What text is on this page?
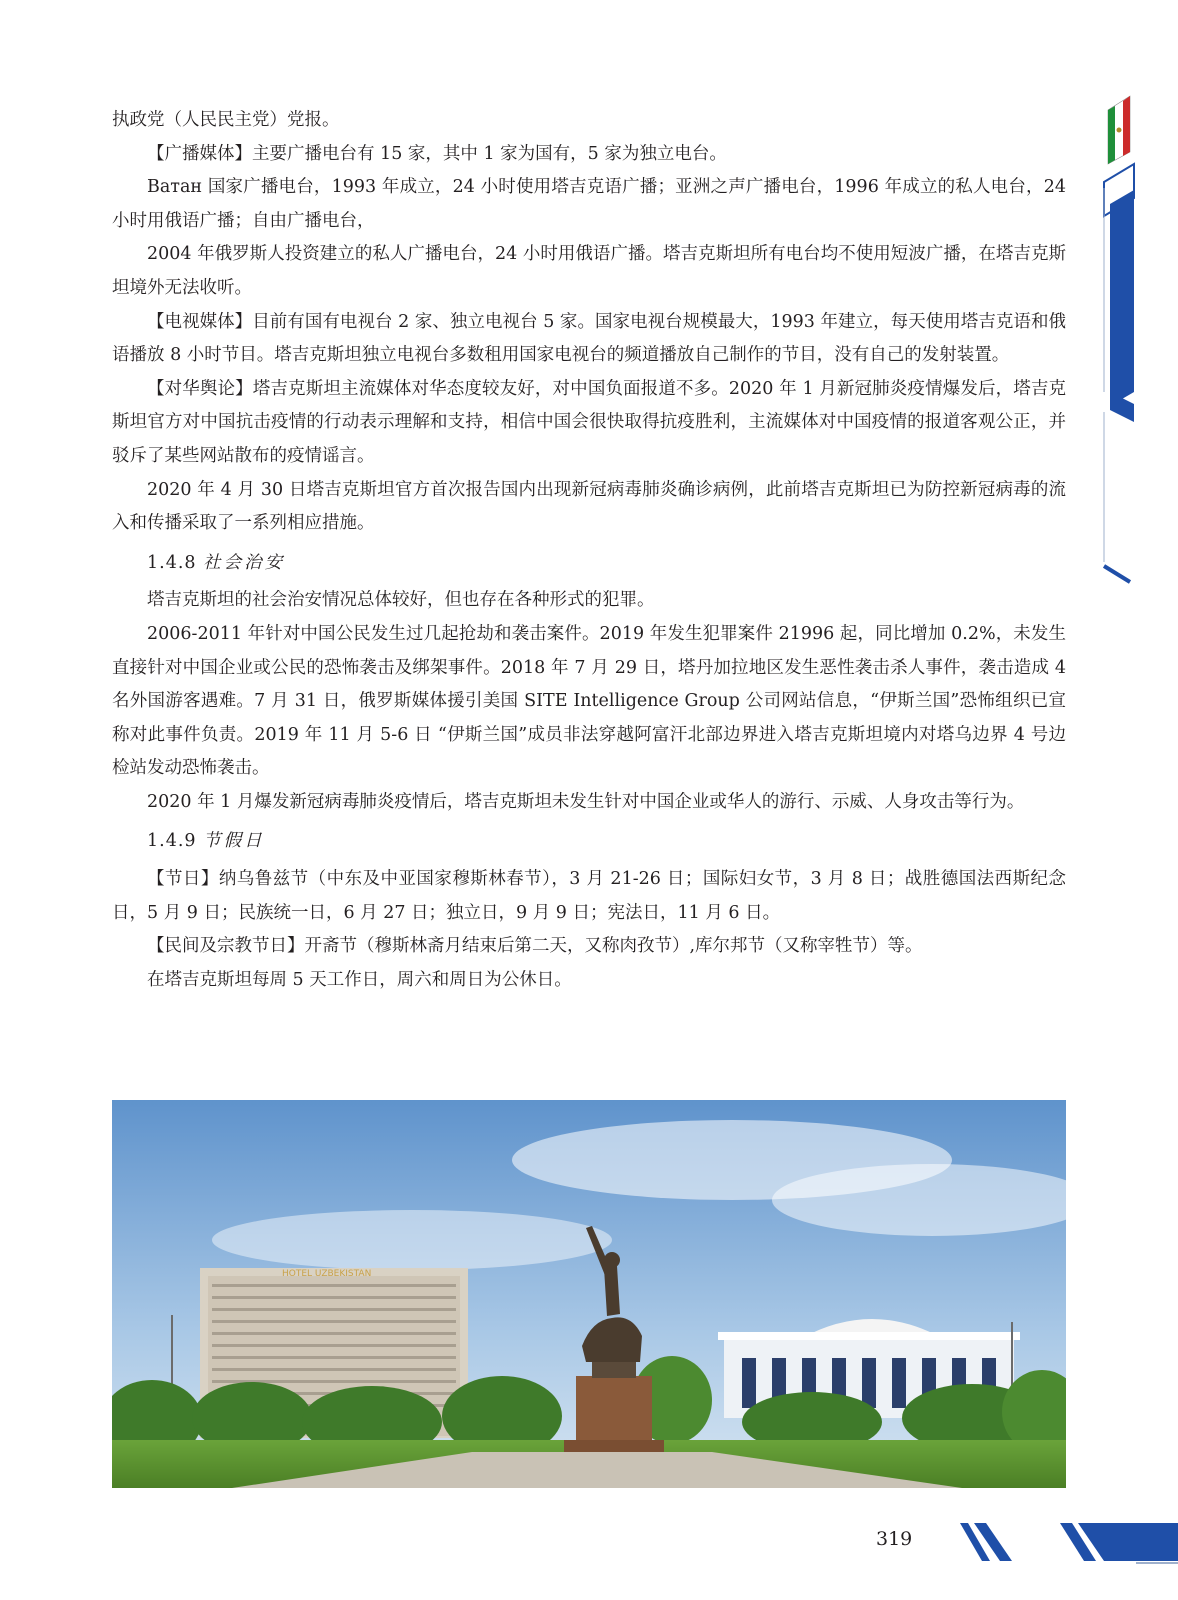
执政党（人民民主党）党报。

【广播媒体】主要广播电台有 15 家，其中 1 家为国有，5 家为独立电台。

Ватан 国家广播电台，1993 年成立，24 小时使用塔吉克语广播；亚洲之声广播电台，1996 年成立的私人电台，24 小时用俄语广播；自由广播电台，

2004 年俄罗斯人投资建立的私人广播电台，24 小时用俄语广播。塔吉克斯坦所有电台均不使用短波广播，在塔吉克斯坦境外无法收听。

【电视媒体】目前有国有电视台 2 家、独立电视台 5 家。国家电视台规模最大，1993 年建立，每天使用塔吉克语和俄语播放 8 小时节目。塔吉克斯坦独立电视台多数租用国家电视台的频道播放自己制作的节目，没有自己的发射装置。

【对华舆论】塔吉克斯坦主流媒体对华态度较友好，对中国负面报道不多。2020 年 1 月新冠肺炎疫情爆发后，塔吉克斯坦官方对中国抗击疫情的行动表示理解和支持，相信中国会很快取得抗疫胜利，主流媒体对中国疫情的报道客观公正，并驳斥了某些网站散布的疫情谣言。

2020 年 4 月 30 日塔吉克斯坦官方首次报告国内出现新冠病毒肺炎确诊病例，此前塔吉克斯坦已为防控新冠病毒的流入和传播采取了一系列相应措施。

1.4.8 社会治安

塔吉克斯坦的社会治安情况总体较好，但也存在各种形式的犯罪。

2006-2011 年针对中国公民发生过几起抢劫和袭击案件。2019 年发生犯罪案件 21996 起，同比增加 0.2%，未发生直接针对中国企业或公民的恐怖袭击及绑架事件。2018 年 7 月 29 日，塔丹加拉地区发生恶性袭击杀人事件，袭击造成 4 名外国游客遇难。7 月 31 日，俄罗斯媒体援引美国 SITE Intelligence Group 公司网站信息，“伊斯兰国”恐怖组织已宣称对此事件负责。2019 年 11 月 5-6 日 “伊斯兰国”成员非法穿越阿富汗北部边界进入塔吉克斯坦境内对塔乌边界 4 号边检站发动恐怖袭击。

2020 年 1 月爆发新冠病毒肺炎疫情后，塔吉克斯坦未发生针对中国企业或华人的游行、示威、人身攻击等行为。

1.4.9 节假日

【节日】纳乌鲁兹节（中东及中亚国家穆斯林春节），3 月 21-26 日；国际妇女节，3 月 8 日；战胜德国法西斯纪念日，5 月 9 日；民族统一日，6 月 27 日；独立日，9 月 9 日；宪法日，11 月 6 日。

【民间及宗教节日】开斋节（穆斯林斋月结束后第二天，又称肉孜节）,库尔邦节（又称宰牲节）等。

在塔吉克斯坦每周 5 天工作日，周六和周日为公休日。

HOTEL UZBEKISTAN
319
